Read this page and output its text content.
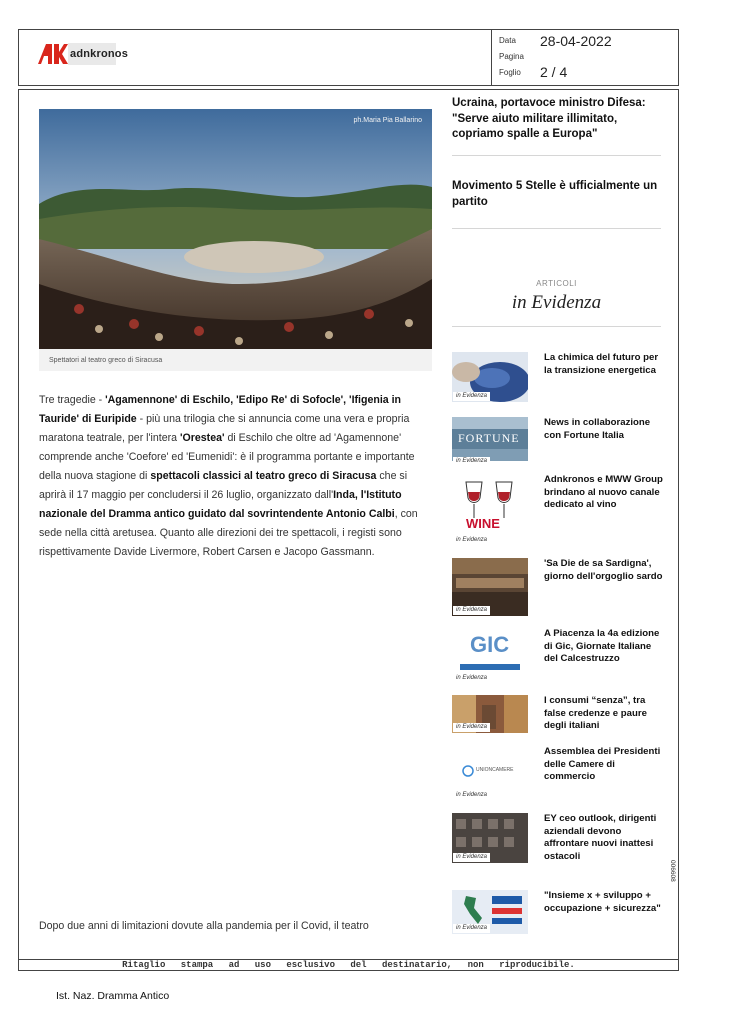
adnkronos
Data 28-04-2022
Pagina
Foglio 2 / 4
ph.Maria Pia Ballarino
Spettatori al teatro greco di Siracusa
Tre tragedie - 'Agamennone' di Eschilo, 'Edipo Re' di Sofocle', 'Ifigenia in Tauride' di Euripide - più una trilogia che si annuncia come una vera e propria maratona teatrale, per l'intera 'Orestea' di Eschilo che oltre ad 'Agamennone' comprende anche 'Coefore' ed 'Eumenidi': è il programma portante e importante della nuova stagione di spettacoli classici al teatro greco di Siracusa che si aprirà il 17 maggio per concludersi il 26 luglio, organizzato dall'Inda, l'Istituto nazionale del Dramma antico guidato dal sovrintendente Antonio Calbi, con sede nella città aretusea. Quanto alle direzioni dei tre spettacoli, i registi sono rispettivamente Davide Livermore, Robert Carsen e Jacopo Gassmann.
Dopo due anni di limitazioni dovute alla pandemia per il Covid, il teatro
Ucraina, portavoce ministro Difesa: "Serve aiuto militare illimitato, copriamo spalle a Europa"
Movimento 5 Stelle è ufficialmente un partito
ARTICOLI
in Evidenza
in Evidenza
La chimica del futuro per la transizione energetica
FORTUNE
in Evidenza
News in collaborazione con Fortune Italia
WINE
in Evidenza
Adnkronos e MWW Group brindano al nuovo canale dedicato al vino
in Evidenza
'Sa Die de sa Sardigna', giorno dell'orgoglio sardo
GIC
in Evidenza
A Piacenza la 4a edizione di Gic, Giornate Italiane del Calcestruzzo
in Evidenza
I consumi “senza”, tra false credenze e paure degli italiani
UNIONCAMERE
in Evidenza
Assemblea dei Presidenti delle Camere di commercio
in Evidenza
EY ceo outlook, dirigenti aziendali devono affrontare nuovi inattesi ostacoli
in Evidenza
"Insieme x + sviluppo + occupazione + sicurezza"
006608
Ritaglio stampa ad uso esclusivo del destinatario, non riproducibile.
Ist. Naz. Dramma Antico
